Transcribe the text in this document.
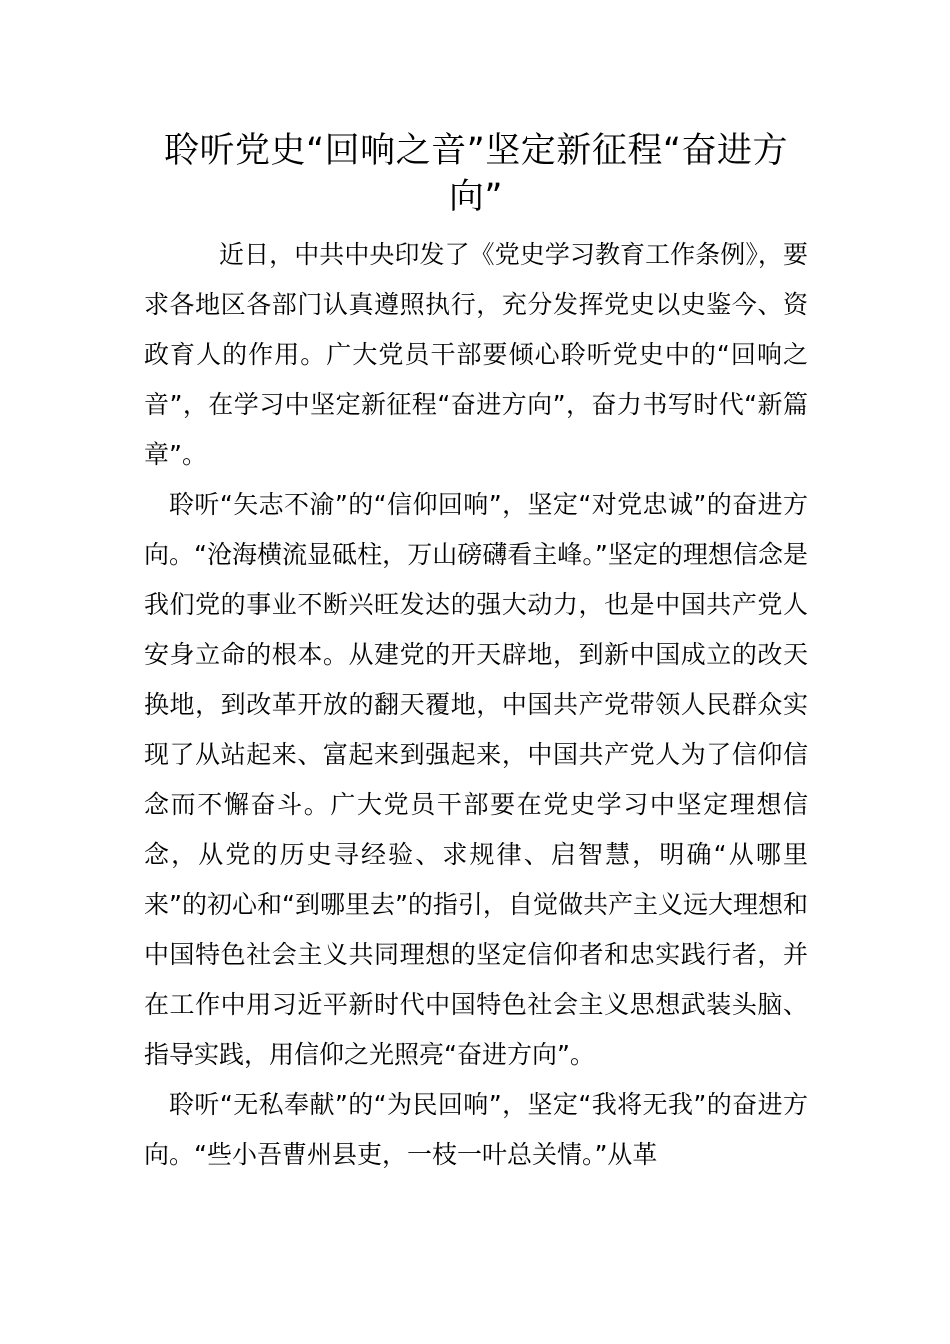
聆听党史“回响之音”坚定新征程“奋进方向”

近日，中共中央印发了《党史学习教育工作条例》，要求各地区各部门认真遵照执行，充分发挥党史以史鉴今、资政育人的作用。广大党员干部要倾心聆听党史中的“回响之音”，在学习中坚定新征程“奋进方向”，奋力书写时代“新篇章”。

聆听“矢志不渝”的“信仰回响”，坚定“对党忠诚”的奋进方向。“沧海横流显砥柱，万山磅礴看主峰。”坚定的理想信念是我们党的事业不断兴旺发达的强大动力，也是中国共产党人安身立命的根本。从建党的开天辟地，到新中国成立的改天换地，到改革开放的翻天覆地，中国共产党带领人民群众实现了从站起来、富起来到强起来，中国共产党人为了信仰信念而不懈奋斗。广大党员干部要在党史学习中坚定理想信念，从党的历史寻经验、求规律、启智慧，明确“从哪里来”的初心和“到哪里去”的指引，自觉做共产主义远大理想和中国特色社会主义共同理想的坚定信仰者和忠实践行者，并在工作中用习近平新时代中国特色社会主义思想武装头脑、指导实践，用信仰之光照亮“奋进方向”。

聆听“无私奉献”的“为民回响”，坚定“我将无我”的奋进方向。“些小吾曹州县吏，一枝一叶总关情。”从革
